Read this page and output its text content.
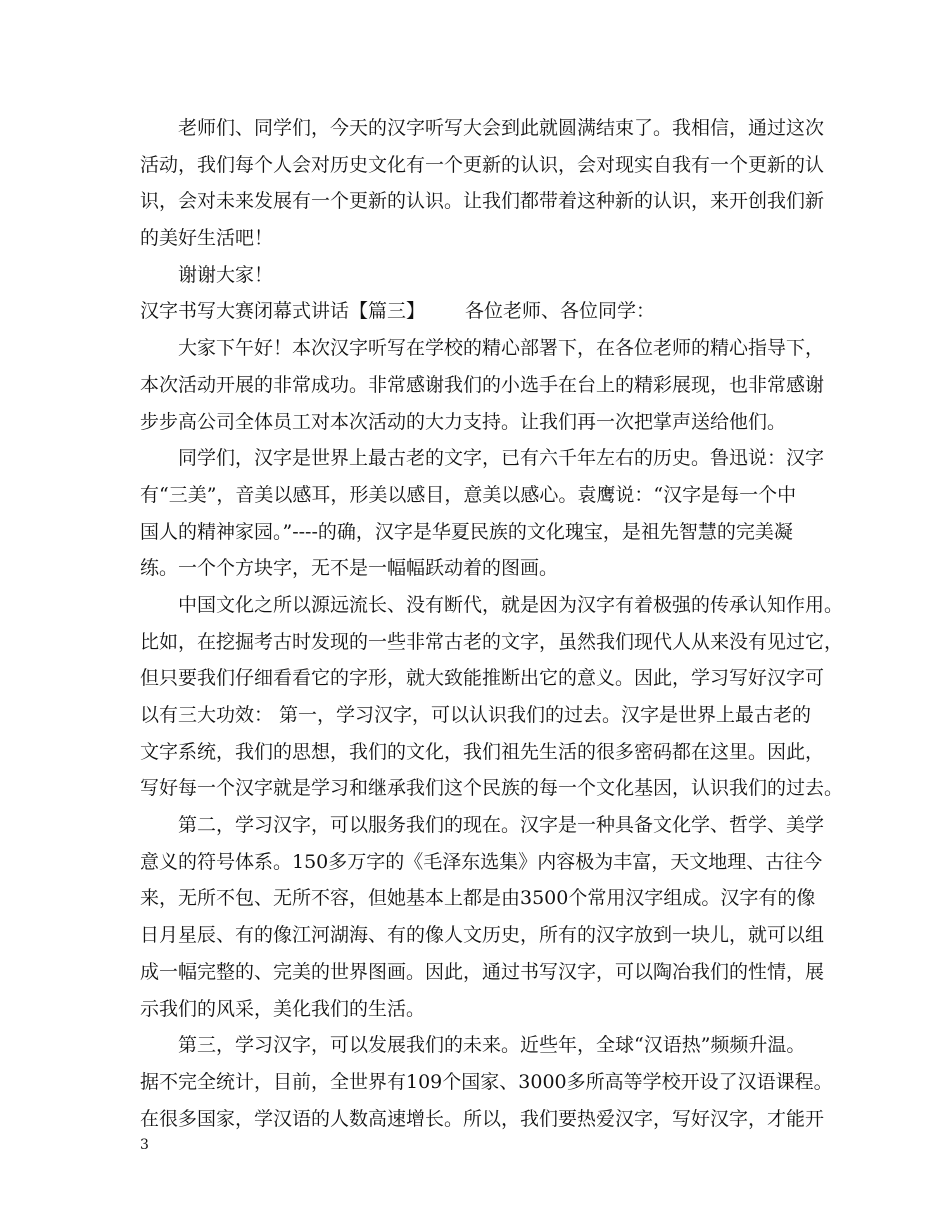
老师们、同学们，今天的汉字听写大会到此就圆满结束了。我相信，通过这次
活动，我们每个人会对历史文化有一个更新的认识，会对现实自我有一个更新的认
识，会对未来发展有一个更新的认识。让我们都带着这种新的认识，来开创我们新
的美好生活吧！
谢谢大家！
汉字书写大赛闭幕式讲话【篇三】 各位老师、各位同学：
大家下午好！本次汉字听写在学校的精心部署下，在各位老师的精心指导下，
本次活动开展的非常成功。非常感谢我们的小选手在台上的精彩展现，也非常感谢
步步高公司全体员工对本次活动的大力支持。让我们再一次把掌声送给他们。
同学们，汉字是世界上最古老的文字，已有六千年左右的历史。鲁迅说：汉字
有“三美”，音美以感耳，形美以感目，意美以感心。袁鹰说：“汉字是每一个中
国人的精神家园。”----的确，汉字是华夏民族的文化瑰宝，是祖先智慧的完美凝
练。一个个方块字，无不是一幅幅跃动着的图画。
中国文化之所以源远流长、没有断代，就是因为汉字有着极强的传承认知作用。
比如，在挖掘考古时发现的一些非常古老的文字，虽然我们现代人从来没有见过它，
但只要我们仔细看看它的字形，就大致能推断出它的意义。因此，学习写好汉字可
以有三大功效： 第一，学习汉字，可以认识我们的过去。汉字是世界上最古老的
文字系统，我们的思想，我们的文化，我们祖先生活的很多密码都在这里。因此，
写好每一个汉字就是学习和继承我们这个民族的每一个文化基因，认识我们的过去。
第二，学习汉字，可以服务我们的现在。汉字是一种具备文化学、哲学、美学
意义的符号体系。150多万字的《毛泽东选集》内容极为丰富，天文地理、古往今
来，无所不包、无所不容，但她基本上都是由3500个常用汉字组成。汉字有的像
日月星辰、有的像江河湖海、有的像人文历史，所有的汉字放到一块儿，就可以组
成一幅完整的、完美的世界图画。因此，通过书写汉字，可以陶冶我们的性情，展
示我们的风采，美化我们的生活。
第三，学习汉字，可以发展我们的未来。近些年，全球“汉语热”频频升温。
据不完全统计，目前，全世界有109个国家、3000多所高等学校开设了汉语课程。
在很多国家，学汉语的人数高速增长。所以，我们要热爱汉字，写好汉字，才能开
3
